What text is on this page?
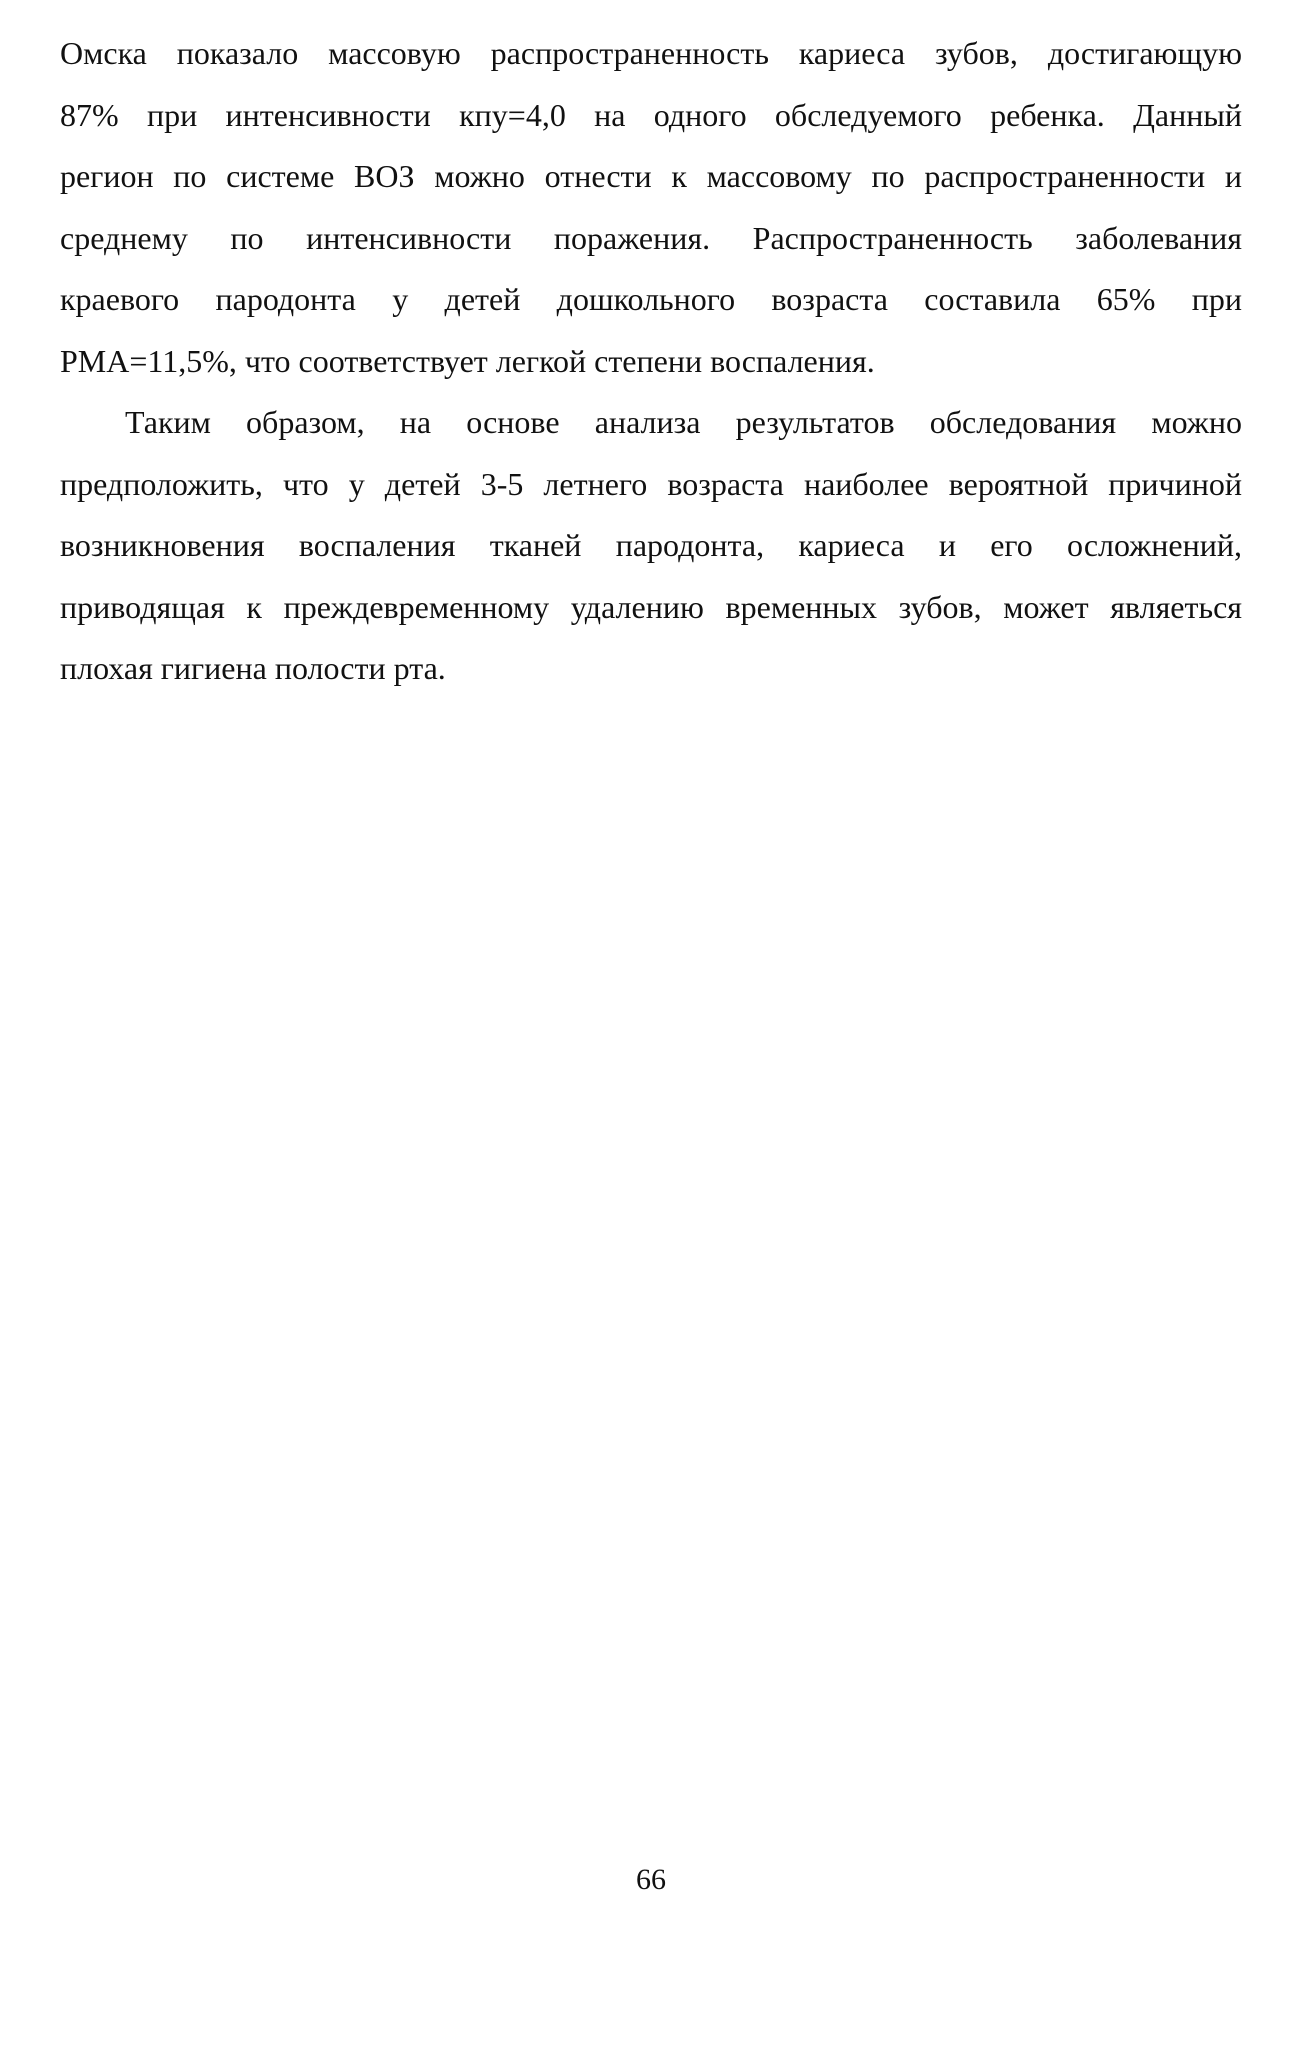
Омска показало массовую распространенность кариеса зубов, достигающую
87% при интенсивности кпу=4,0 на одного обследуемого ребенка. Данный
регион по системе ВОЗ можно отнести к массовому по распространенности и
среднему по интенсивности поражения. Распространенность заболевания
краевого пародонта у детей дошкольного возраста составила 65% при
PMA=11,5%, что соответствует легкой степени воспаления.
Таким образом, на основе анализа результатов обследования можно
предположить, что у детей 3-5 летнего возраста наиболее вероятной причиной
возникновения воспаления тканей пародонта, кариеса и его осложнений,
приводящая к преждевременному удалению временных зубов, может являеться
плохая гигиена полости рта.
66
